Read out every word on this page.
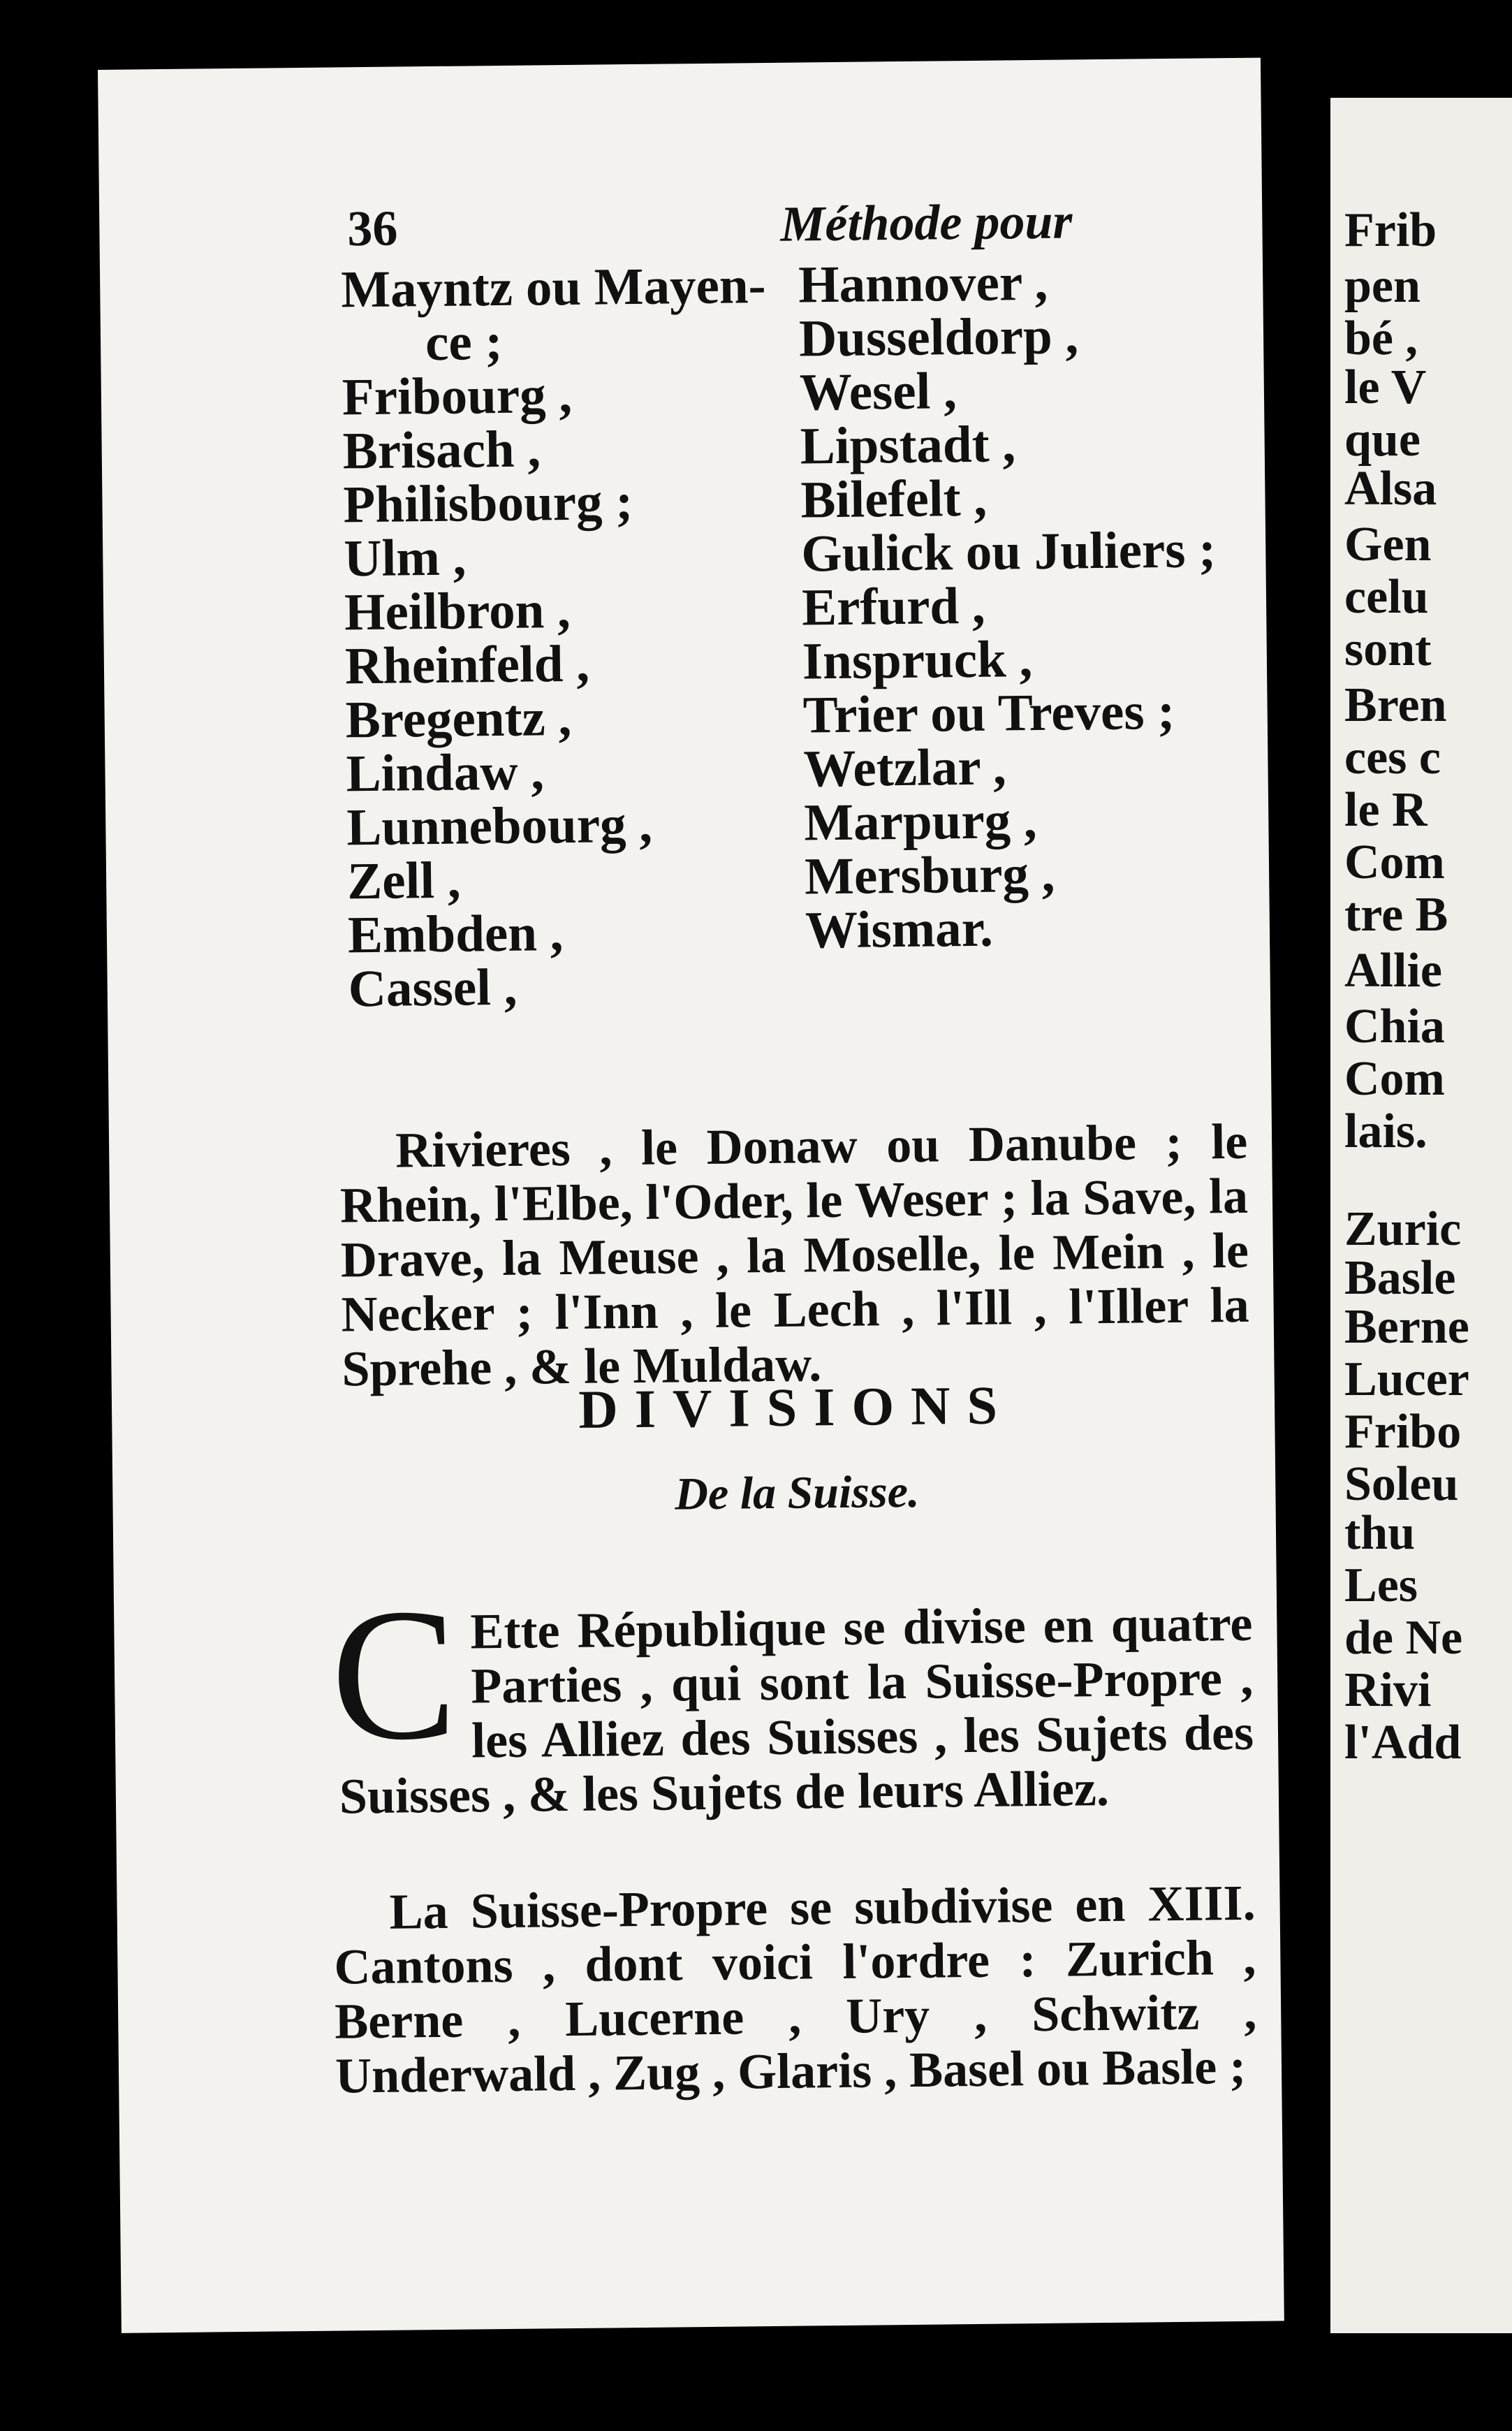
36	Méthode pour
Mayntz ou Mayen-
ce ;
Fribourg ,
Brisach ,
Philisbourg ;
Ulm ,
Heilbron ,
Rheinfeld ,
Bregentz ,
Lindaw ,
Lunnebourg ,
Zell ,
Embden ,
Cassel ,
Hannover ,
Dusseldorp ,
Wesel ,
Lipstadt ,
Bilefelt ,
Gulick ou Juliers ;
Erfurd ,
Inspruck ,
Trier ou Treves ;
Wetzlar ,
Marpurg ,
Mersburg ,
Wismar.

Rivieres , le Donaw ou Danube ; le Rhein, l'Elbe, l'Oder, le Weser ; la Save, la Drave, la Meuse , la Moselle, le Mein , le Necker ; l'Inn , le Lech , l'Ill , l'Iller la Sprehe , & le Muldaw.

DIVISIONS
De la Suisse.

C Ette République se divise en quatre Parties , qui sont la Suisse-Propre , les Alliez des Suisses , les Sujets des Suisses , & les Sujets de leurs Alliez.

La Suisse-Propre se subdivise en XIII. Cantons , dont voici l'ordre : Zurich , Berne , Lucerne , Ury , Schwitz , Underwald , Zug , Glaris , Basel ou Basle ;

Frib
pen
bé ,
le V
que
Alsa
Gen
celu
sont
Bren
ces c
le R
Com
tre B
Allie
Chia
Com
lais.
Zuric
Basle
Berne
Lucer
Fribo
Soleu
thu
Les
de Ne
Rivi
l'Add
